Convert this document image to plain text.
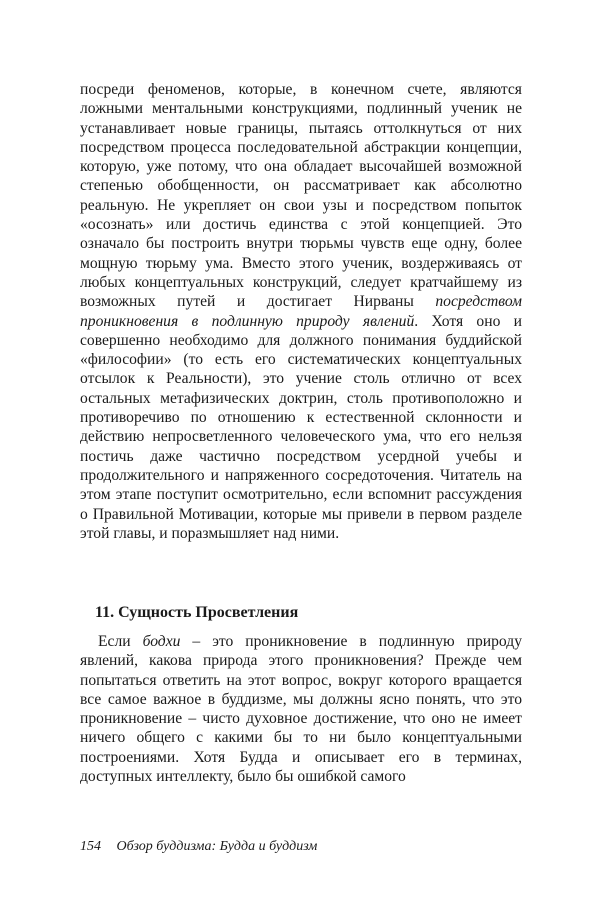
посреди феноменов, которые, в конечном счете, являются ложными ментальными конструкциями, подлинный ученик не устанавливает новые границы, пытаясь оттолкнуться от них посредством процесса последовательной абстракции концепции, которую, уже потому, что она обладает высочайшей возможной степенью обобщенности, он рассматривает как абсолютно реальную. Не укрепляет он свои узы и посредством попыток «осознать» или достичь единства с этой концепцией. Это означало бы построить внутри тюрьмы чувств еще одну, более мощную тюрьму ума. Вместо этого ученик, воздерживаясь от любых концептуальных конструкций, следует кратчайшему из возможных путей и достигает Нирваны посредством проникновения в подлинную природу явлений. Хотя оно и совершенно необходимо для должного понимания буддийской «философии» (то есть его систематических концептуальных отсылок к Реальности), это учение столь отлично от всех остальных метафизических доктрин, столь противоположно и противоречиво по отношению к естественной склонности и действию непросветленного человеческого ума, что его нельзя постичь даже частично посредством усердной учебы и продолжительного и напряженного сосредоточения. Читатель на этом этапе поступит осмотрительно, если вспомнит рассуждения о Правильной Мотивации, которые мы привели в первом разделе этой главы, и поразмышляет над ними.

11. Сущность Просветления

Если бодхи – это проникновение в подлинную природу явлений, какова природа этого проникновения? Прежде чем попытаться ответить на этот вопрос, вокруг которого вращается все самое важное в буддизме, мы должны ясно понять, что это проникновение – чисто духовное достижение, что оно не имеет ничего общего с какими бы то ни было концептуальными построениями. Хотя Будда и описывает его в терминах, доступных интеллекту, было бы ошибкой самого

154 Обзор буддизма: Будда и буддизм
